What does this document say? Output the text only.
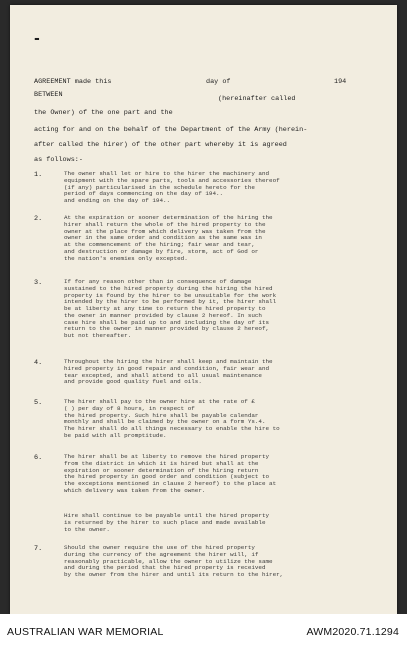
-
AGREEMENT made this	day of	194
BETWEEN	(hereinafter called
the Owner) of the one part and the
acting for and on the behalf of the Department of the Army (herein-
after called the hirer) of the other part whereby it is agreed
as follows:-
1.	The owner shall let or hire to the hirer the machinery and
equipment with the spare parts, tools and accessories thereof
(if any) particularised in the schedule hereto for the
period of days commencing on the day of 194..
and ending on the day of 194..
2.	At the expiration or sooner determination of the hiring the
hirer shall return the whole of the hired property to the
owner at the place from which delivery was taken from the
owner in the same order and condition as the same was in
at the commencement of the hiring; fair wear and tear,
and destruction or damage by fire, storm, act of God or
the nation's enemies only excepted.
3.	If for any reason other than in consequence of damage
sustained to the hired property during the hiring the hired
property is found by the hirer to be unsuitable for the work
intended by the hirer to be performed by it, the hirer shall
be at liberty at any time to return the hired property to
the owner in manner provided by clause 2 hereof. In such
case hire shall be paid up to and including the day of its
return to the owner in manner provided by clause 2 hereof,
but not thereafter.
4.	Throughout the hiring the hirer shall keep and maintain the
hired property in good repair and condition, fair wear and
tear excepted, and shall attend to all usual maintenance
and provide good quality fuel and oils.
5.	The hirer shall pay to the owner hire at the rate of £
( ) per day of 8 hours, in respect of
the hired property. Such hire shall be payable calendar
monthly and shall be claimed by the owner on a form Ys.4.
The hirer shall do all things necessary to enable the hire to
be paid with all promptitude.
6.	The hirer shall be at liberty to remove the hired property
from the district in which it is hired but shall at the
expiration or sooner determination of the hiring return
the hired property in good order and condition (subject to
the exceptions mentioned in clause 2 hereof) to the place at
which delivery was taken from the owner.
Hire shall continue to be payable until the hired property
is returned by the hirer to such place and made available
to the owner.
7.	Should the owner require the use of the hired property
during the currency of the agreement the hirer will, if
reasonably practicable, allow the owner to utilize the same
and during the period that the hired property is received
by the owner from the hirer and until its return to the hirer,
AUSTRALIAN WAR MEMORIAL	AWM2020.71.1294
